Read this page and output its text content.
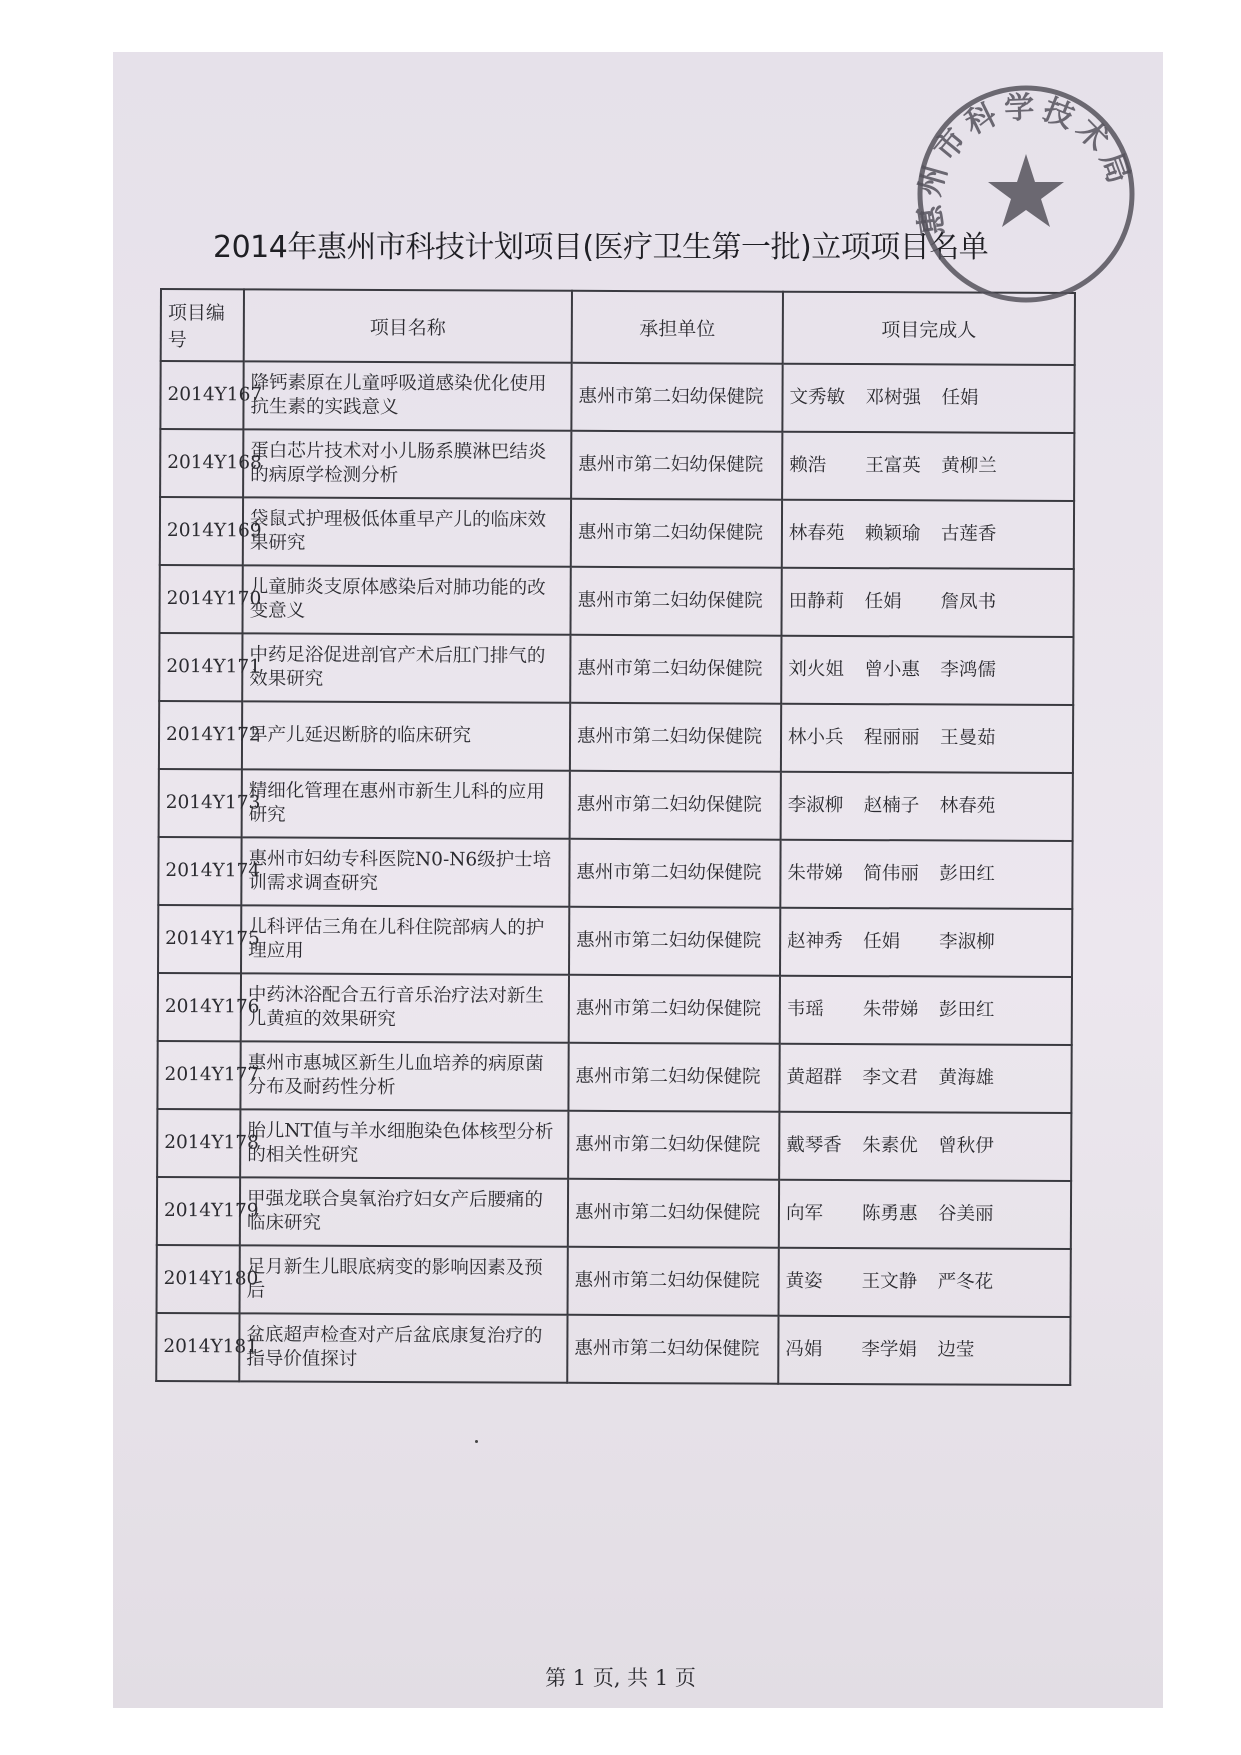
2014年惠州市科技计划项目(医疗卫生第一批)立项项目名单
项目编号	项目名称	承担单位	项目完成人
2014Y167	降钙素原在儿童呼吸道感染优化使用抗生素的实践意义	惠州市第二妇幼保健院	文秀敏 邓树强 任娟
2014Y168	蛋白芯片技术对小儿肠系膜淋巴结炎的病原学检测分析	惠州市第二妇幼保健院	赖浩 王富英 黄柳兰
2014Y169	袋鼠式护理极低体重早产儿的临床效果研究	惠州市第二妇幼保健院	林春苑 赖颖瑜 古莲香
2014Y170	儿童肺炎支原体感染后对肺功能的改变意义	惠州市第二妇幼保健院	田静莉 任娟 詹凤书
2014Y171	中药足浴促进剖官产术后肛门排气的效果研究	惠州市第二妇幼保健院	刘火姐 曾小惠 李鸿儒
2014Y172	早产儿延迟断脐的临床研究	惠州市第二妇幼保健院	林小兵 程丽丽 王曼茹
2014Y173	精细化管理在惠州市新生儿科的应用研究	惠州市第二妇幼保健院	李淑柳 赵楠子 林春苑
2014Y174	惠州市妇幼专科医院N0-N6级护士培训需求调查研究	惠州市第二妇幼保健院	朱带娣 简伟丽 彭田红
2014Y175	儿科评估三角在儿科住院部病人的护理应用	惠州市第二妇幼保健院	赵神秀 任娟 李淑柳
2014Y176	中药沐浴配合五行音乐治疗法对新生儿黄疸的效果研究	惠州市第二妇幼保健院	韦瑶 朱带娣 彭田红
2014Y177	惠州市惠城区新生儿血培养的病原菌分布及耐药性分析	惠州市第二妇幼保健院	黄超群 李文君 黄海雄
2014Y178	胎儿NT值与羊水细胞染色体核型分析的相关性研究	惠州市第二妇幼保健院	戴琴香 朱素优 曾秋伊
2014Y179	甲强龙联合臭氧治疗妇女产后腰痛的临床研究	惠州市第二妇幼保健院	向军 陈勇惠 谷美丽
2014Y180	足月新生儿眼底病变的影响因素及预后	惠州市第二妇幼保健院	黄姿 王文静 严冬花
2014Y181	盆底超声检查对产后盆底康复治疗的指导价值探讨	惠州市第二妇幼保健院	冯娟 李学娟 边莹
惠州市科学技术局
第 1 页, 共 1 页
